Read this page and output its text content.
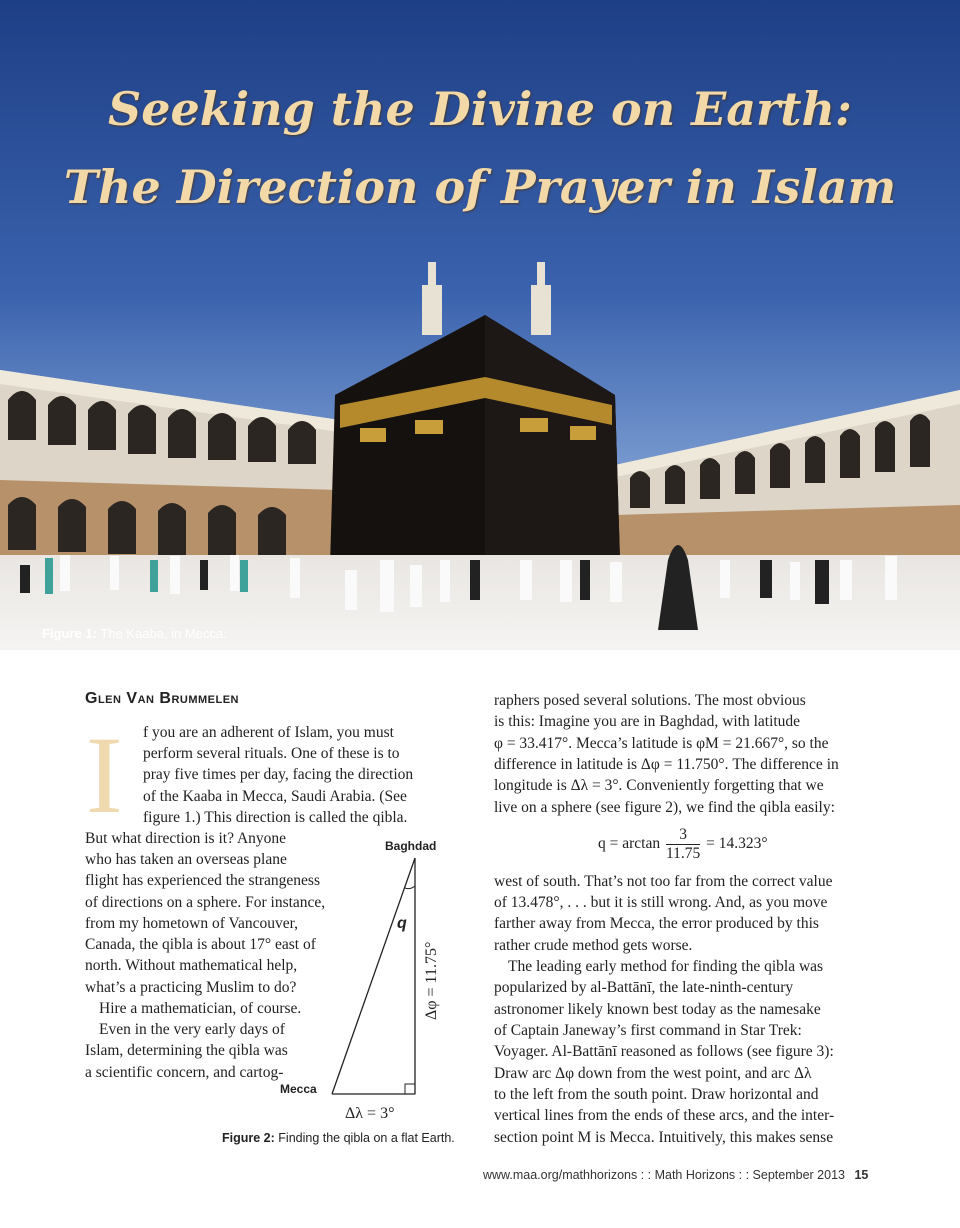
Seeking the Divine on Earth:
The Direction of Prayer in Islam
Figure 1: The Kaaba, in Mecca.
Glen Van Brummelen
I	f you are an adherent of Islam, you must
perform several rituals. One of these is to
pray five times per day, facing the direction
of the Kaaba in Mecca, Saudi Arabia. (See
figure 1.) This direction is called the qibla.
But what direction is it? Anyone
who has taken an overseas plane
flight has experienced the strangeness
of directions on a sphere. For instance,
from my hometown of Vancouver,
Canada, the qibla is about 17° east of
north. Without mathematical help,
what’s a practicing Muslim to do?
Hire a mathematician, of course.
Even in the very early days of
Islam, determining the qibla was
a scientific concern, and cartog-
Baghdad
q
Δφ = 11.75°
Mecca
Δλ = 3°
Figure 2: Finding the qibla on a flat Earth.
raphers posed several solutions. The most obvious
is this: Imagine you are in Baghdad, with latitude
φ = 33.417°. Mecca’s latitude is φM = 21.667°, so the
difference in latitude is Δφ = 11.750°. The difference in
longitude is Δλ = 3°. Conveniently forgetting that we
live on a sphere (see figure 2), we find the qibla easily:
$q = \arctan \frac{3}{11.75} = 14.323^\circ$
west of south. That’s not too far from the correct value
of 13.478°, . . . but it is still wrong. And, as you move
farther away from Mecca, the error produced by this
rather crude method gets worse.
The leading early method for finding the qibla was
popularized by al-Battānī, the late-ninth-century
astronomer likely known best today as the namesake
of Captain Janeway’s first command in Star Trek:
Voyager. Al-Battānī reasoned as follows (see figure 3):
Draw arc Δφ down from the west point, and arc Δλ
to the left from the south point. Draw horizontal and
vertical lines from the ends of these arcs, and the inter-
section point M is Mecca. Intuitively, this makes sense
www.maa.org/mathhorizons : : Math Horizons : : September 2013 15
